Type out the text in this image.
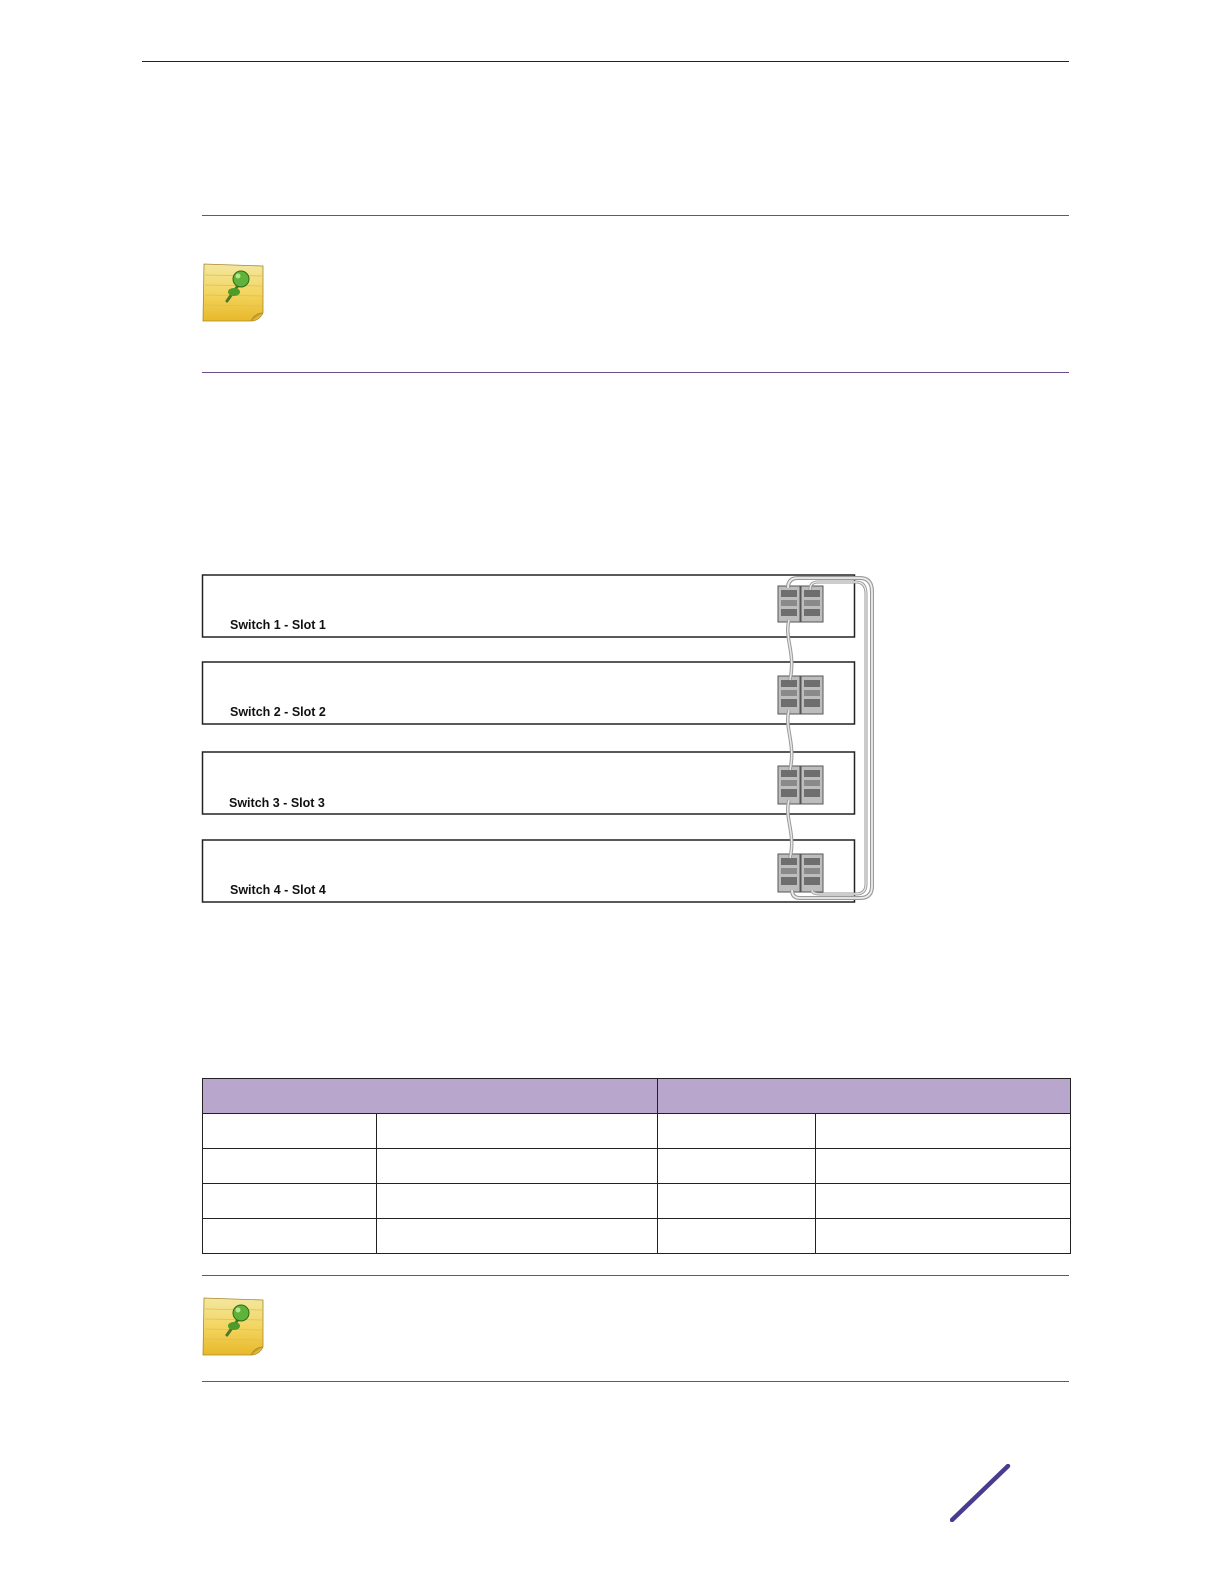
Switch 1 - Slot 1
Switch 2 - Slot 2
Switch 3 - Slot 3
Switch 4 - Slot 4
